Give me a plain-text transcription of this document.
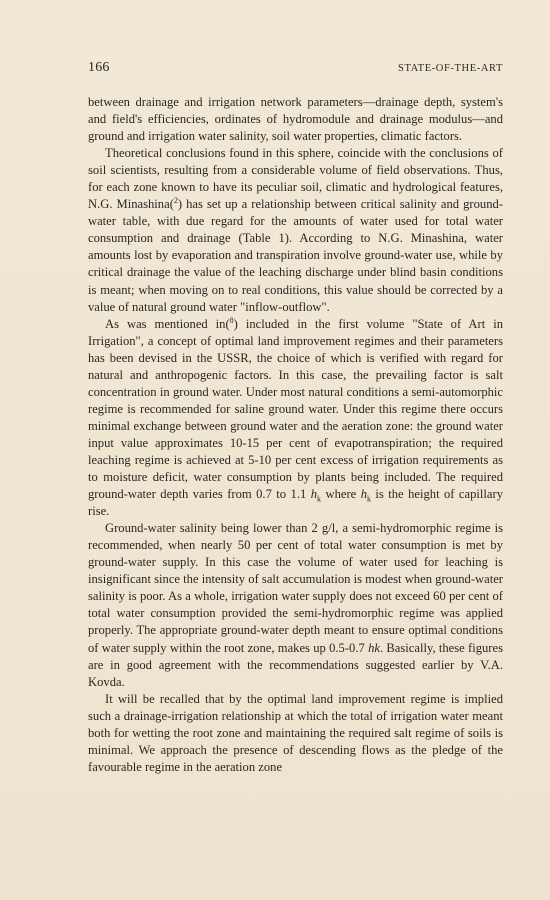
166	STATE-OF-THE-ART

between drainage and irrigation network parameters—drainage depth, system's and field's efficiencies, ordinates of hydromodule and drainage modulus—and ground and irrigation water salinity, soil water properties, climatic factors.

Theoretical conclusions found in this sphere, coincide with the conclusions of soil scientists, resulting from a considerable volume of field observations. Thus, for each zone known to have its peculiar soil, climatic and hydrological features, N.G. Minashina($^2$) has set up a relationship between critical salinity and ground-water table, with due regard for the amounts of water used for total water consumption and drainage (Table 1). According to N.G. Minashina, water amounts lost by evaporation and transpiration involve ground-water use, while by critical drainage the value of the leaching discharge under blind basin conditions is meant; when moving on to real conditions, this value should be corrected by a value of natural ground water "inflow-outflow".

As was mentioned in($^8$) included in the first volume "State of Art in Irrigation", a concept of optimal land improvement regimes and their parameters has been devised in the USSR, the choice of which is verified with regard for natural and anthropogenic factors. In this case, the prevailing factor is salt concentration in ground water. Under most natural conditions a semi-automorphic regime is recommended for saline ground water. Under this regime there occurs minimal exchange between ground water and the aeration zone: the ground water input value approximates 10-15 per cent of evapotranspiration; the required leaching regime is achieved at 5-10 per cent excess of irrigation requirements as to moisture deficit, water consumption by plants being included. The required ground-water depth varies from 0.7 to 1.1 $h_k$ where $h_k$ is the height of capillary rise.

Ground-water salinity being lower than 2 g/l, a semi-hydromorphic regime is recommended, when nearly 50 per cent of total water consumption is met by ground-water supply. In this case the volume of water used for leaching is insignificant since the intensity of salt accumulation is modest when ground-water salinity is poor. As a whole, irrigation water supply does not exceed 60 per cent of total water consumption provided the semi-hydromorphic regime was applied properly. The appropriate ground-water depth meant to ensure optimal conditions of water supply within the root zone, makes up 0.5-0.7 hk. Basically, these figures are in good agreement with the recommendations suggested earlier by V.A. Kovda.

It will be recalled that by the optimal land improvement regime is implied such a drainage-irrigation relationship at which the total of irrigation water meant both for wetting the root zone and maintaining the required salt regime of soils is minimal. We approach the presence of descending flows as the pledge of the favourable regime in the aeration zone
